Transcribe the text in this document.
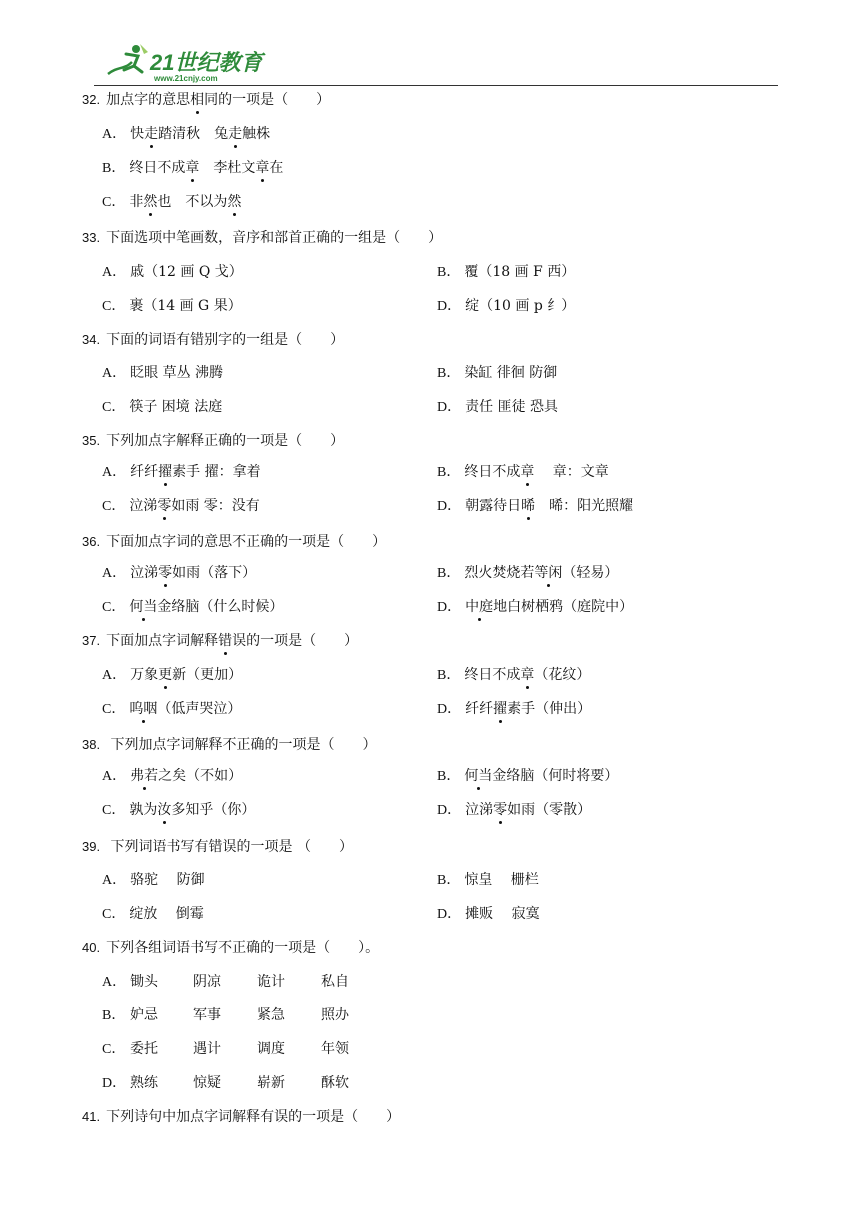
21世纪教育
www.21cnjy.com
32. 加点字的意思相同的一项是（　　）
A． 快走踏清秋　兔走触株
B． 终日不成章　李杜文章在
C． 非然也　不以为然
33. 下面选项中笔画数，音序和部首正确的一组是（　　）
A． 戚（12 画 Q 戈）	B． 覆（18 画 F 西）
C． 裹（14 画 G 果）	D． 绽（10 画 p 纟）
34. 下面的词语有错别字的一组是（　　）
A． 眨眼 草丛 沸腾	B． 染缸 徘徊 防御
C． 筷子 困境 法庭	D． 责任 匪徒 恐具
35. 下列加点字解释正确的一项是（　　）
A． 纤纤擢素手 擢：拿着	B． 终日不成章　 章：文章
C． 泣涕零如雨 零：没有	D． 朝露待日晞　晞：阳光照耀
36. 下面加点字词的意思不正确的一项是（　　）
A． 泣涕零如雨（落下）	B． 烈火焚烧若等闲（轻易）
C． 何当金络脑（什么时候）	D． 中庭地白树栖鸦（庭院中）
37. 下面加点字词解释错误的一项是（　　）
A． 万象更新（更加）	B． 终日不成章（花纹）
C． 呜咽（低声哭泣）	D． 纤纤擢素手（伸出）
38. 下列加点字词解释不正确的一项是（　　）
A． 弗若之矣（不如）	B． 何当金络脑（何时将要）
C． 孰为汝多知乎（你）	D． 泣涕零如雨（零散）
39. 下列词语书写有错误的一项是 （　　）
A． 骆驼　 防御	B． 惊皇　 栅栏
C． 绽放　 倒霉	D． 摊贩　 寂寞
40. 下列各组词语书写不正确的一项是（　　）。
A． 锄头	阴凉	诡计	私自
B． 妒忌	军事	紧急	照办
C． 委托	遇计	调度	年领
D． 熟练	惊疑	崭新	酥软
41. 下列诗句中加点字词解释有误的一项是（　　）
